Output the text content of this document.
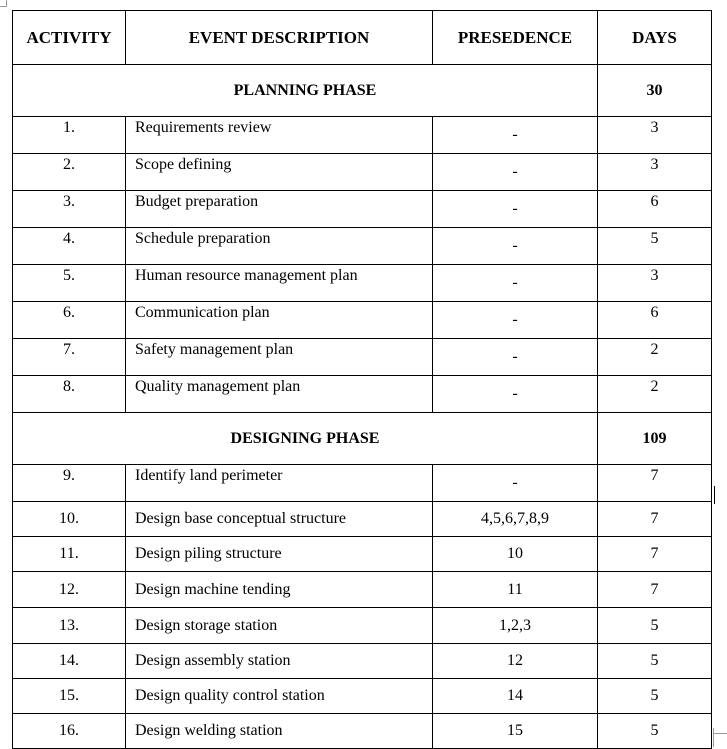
ACTIVITY	EVENT DESCRIPTION	PRESEDENCE	DAYS
PLANNING PHASE			30
1.	Requirements review	-	3
2.	Scope defining	-	3
3.	Budget preparation	-	6
4.	Schedule preparation	-	5
5.	Human resource management plan	-	3
6.	Communication plan	-	6
7.	Safety management plan	-	2
8.	Quality management plan	-	2
DESIGNING PHASE			109
9.	Identify land perimeter	-	7
10.	Design base conceptual structure	4,5,6,7,8,9	7
11.	Design piling structure	10	7
12.	Design machine tending	11	7
13.	Design storage station	1,2,3	5
14.	Design assembly station	12	5
15.	Design quality control station	14	5
16.	Design welding station	15	5
